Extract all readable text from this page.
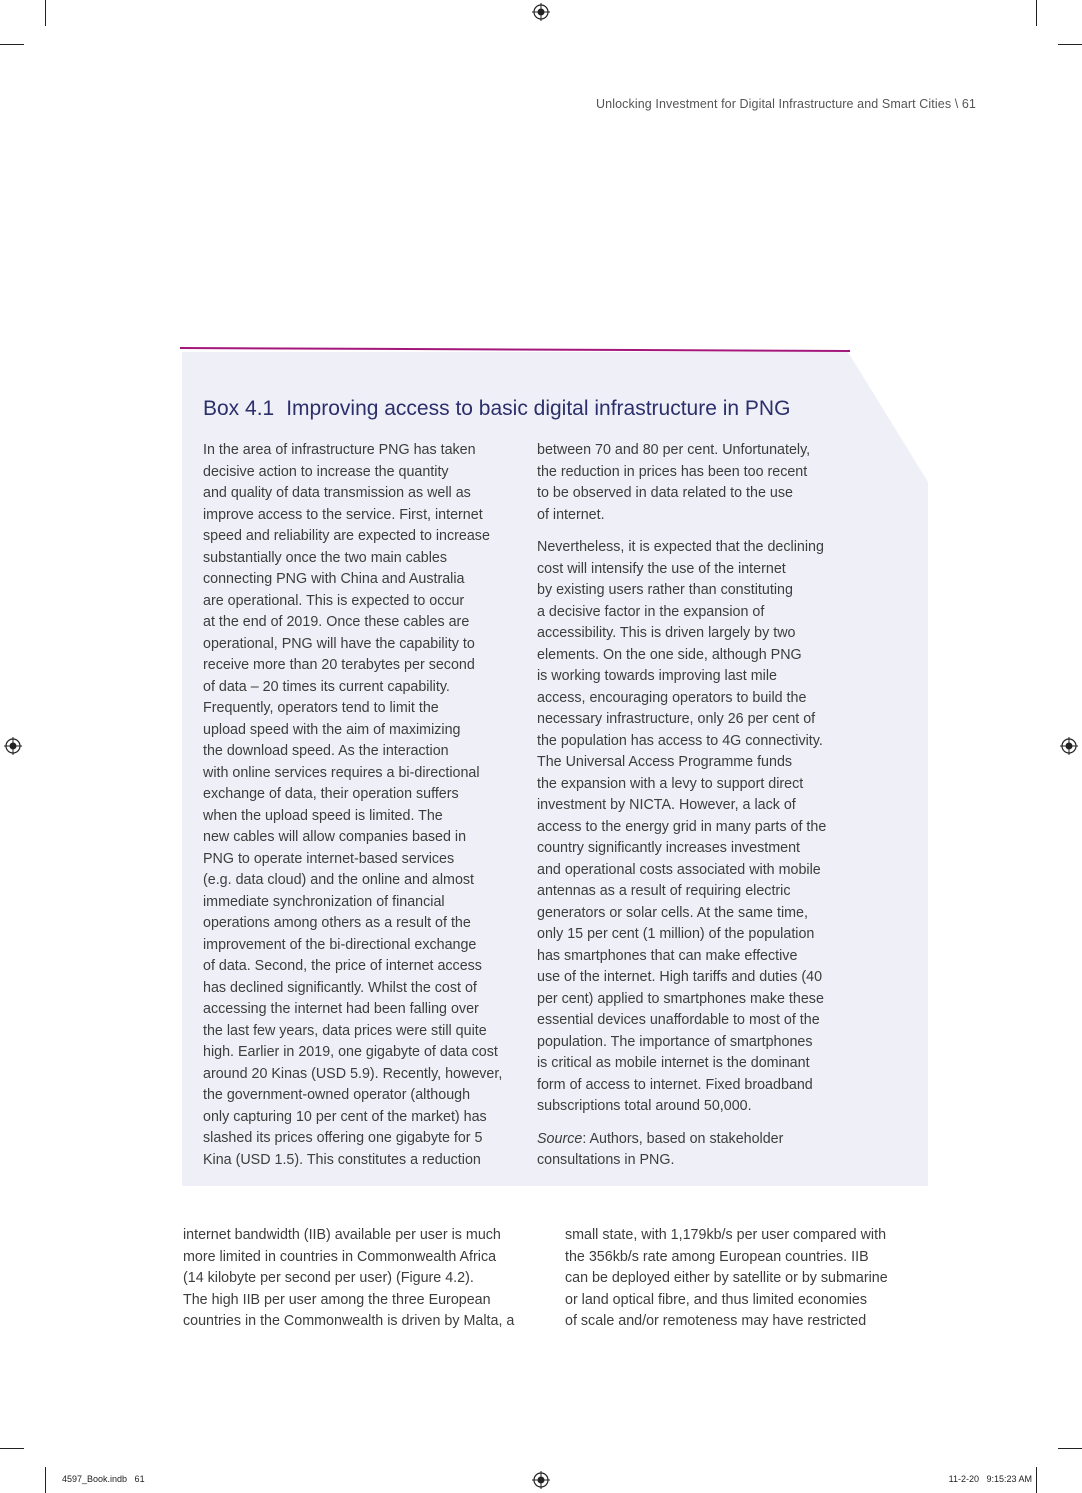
Unlocking Investment for Digital Infrastructure and Smart Cities \ 61
Box 4.1 Improving access to basic digital infrastructure in PNG
In the area of infrastructure PNG has taken
decisive action to increase the quantity
and quality of data transmission as well as
improve access to the service. First, internet
speed and reliability are expected to increase
substantially once the two main cables
connecting PNG with China and Australia
are operational. This is expected to occur
at the end of 2019. Once these cables are
operational, PNG will have the capability to
receive more than 20 terabytes per second
of data – 20 times its current capability.
Frequently, operators tend to limit the
upload speed with the aim of maximizing
the download speed. As the interaction
with online services requires a bi-directional
exchange of data, their operation suffers
when the upload speed is limited. The
new cables will allow companies based in
PNG to operate internet-based services
(e.g. data cloud) and the online and almost
immediate synchronization of financial
operations among others as a result of the
improvement of the bi-directional exchange
of data. Second, the price of internet access
has declined significantly. Whilst the cost of
accessing the internet had been falling over
the last few years, data prices were still quite
high. Earlier in 2019, one gigabyte of data cost
around 20 Kinas (USD 5.9). Recently, however,
the government-owned operator (although
only capturing 10 per cent of the market) has
slashed its prices offering one gigabyte for 5
Kina (USD 1.5). This constitutes a reduction

between 70 and 80 per cent. Unfortunately,
the reduction in prices has been too recent
to be observed in data related to the use
of internet.

Nevertheless, it is expected that the declining
cost will intensify the use of the internet
by existing users rather than constituting
a decisive factor in the expansion of
accessibility. This is driven largely by two
elements. On the one side, although PNG
is working towards improving last mile
access, encouraging operators to build the
necessary infrastructure, only 26 per cent of
the population has access to 4G connectivity.
The Universal Access Programme funds
the expansion with a levy to support direct
investment by NICTA. However, a lack of
access to the energy grid in many parts of the
country significantly increases investment
and operational costs associated with mobile
antennas as a result of requiring electric
generators or solar cells. At the same time,
only 15 per cent (1 million) of the population
has smartphones that can make effective
use of the internet. High tariffs and duties (40
per cent) applied to smartphones make these
essential devices unaffordable to most of the
population. The importance of smartphones
is critical as mobile internet is the dominant
form of access to internet. Fixed broadband
subscriptions total around 50,000.

Source: Authors, based on stakeholder
consultations in PNG.

internet bandwidth (IIB) available per user is much
more limited in countries in Commonwealth Africa
(14 kilobyte per second per user) (Figure 4.2).
The high IIB per user among the three European
countries in the Commonwealth is driven by Malta, a
small state, with 1,179kb/s per user compared with
the 356kb/s rate among European countries. IIB
can be deployed either by satellite or by submarine
or land optical fibre, and thus limited economies
of scale and/or remoteness may have restricted
4597_Book.indb   61	11-2-20   9:15:23 AM
